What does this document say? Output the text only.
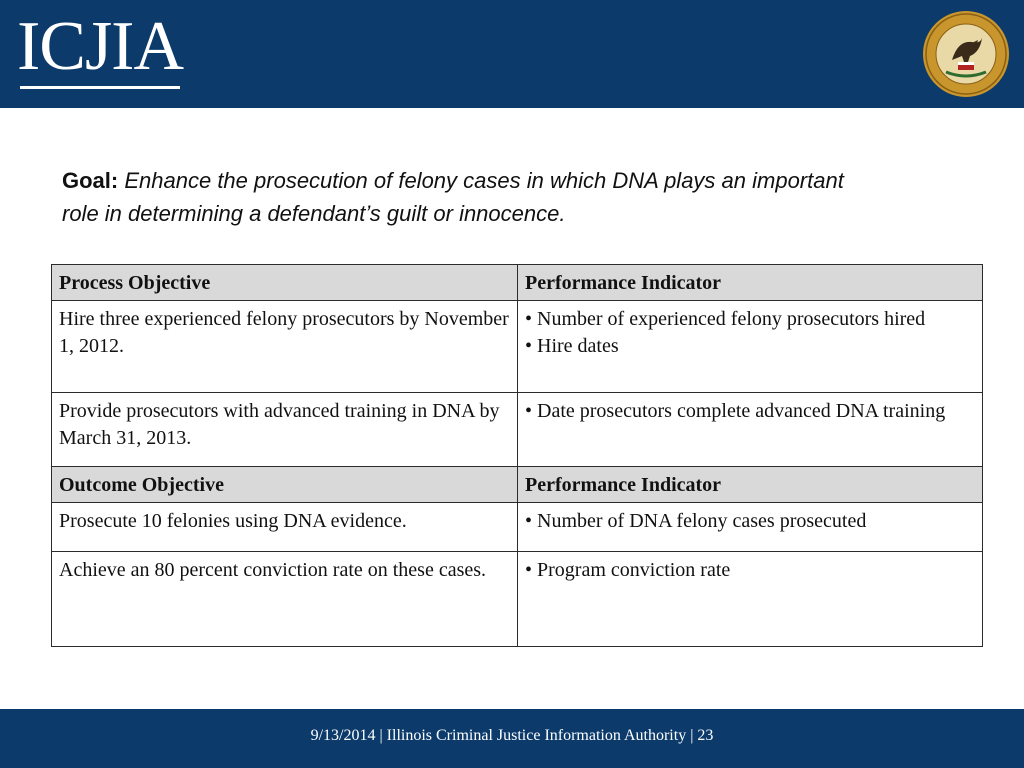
ICJIA
Goal: Enhance the prosecution of felony cases in which DNA plays an important role in determining a defendant’s guilt or innocence.
Process Objective	Performance Indicator
Hire three experienced felony prosecutors by November 1, 2012.	• Number of experienced felony prosecutors hired
• Hire dates

Provide prosecutors with advanced training in DNA by March 31, 2013.	• Date prosecutors complete advanced DNA training

Outcome Objective	Performance Indicator
Prosecute 10 felonies using DNA evidence.	• Number of DNA felony cases prosecuted

Achieve an 80 percent conviction rate on these cases.	• Program conviction rate
9/13/2014 | Illinois Criminal Justice Information Authority | 23
